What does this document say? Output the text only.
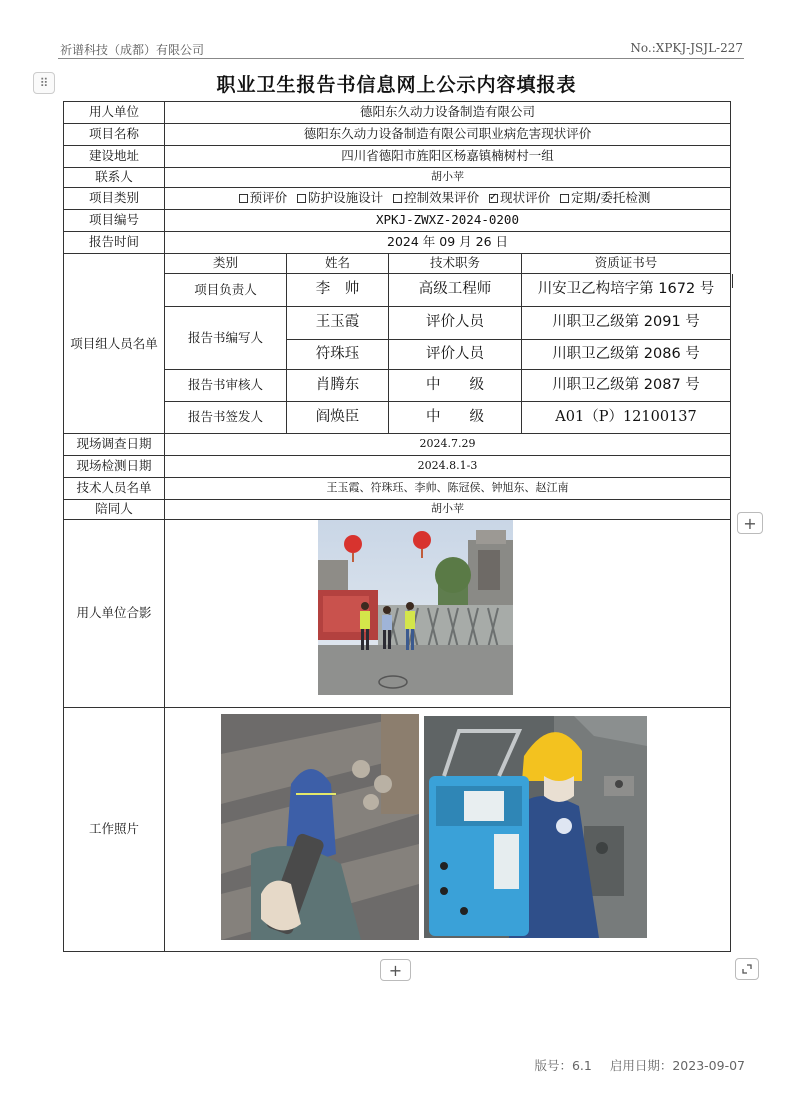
祈谱科技（成都）有限公司	No.:XPKJ-JSJL-227
⠿	职业卫生报告书信息网上公示内容填报表
用人单位	德阳东久动力设备制造有限公司			
项目名称	德阳东久动力设备制造有限公司职业病危害现状评价			
建设地址	四川省德阳市旌阳区杨嘉镇楠树村一组			
联系人	胡小苹			
项目类别	预评价 防护设施设计 控制效果评价 ✓ 现状评价 定期/委托检测
项目编号	XPKJ-ZWXZ-2024-0200			
报告时间	2024 年 09 月 26 日			
项目组人员名单	类别	姓名	技术职务	资质证书号
	项目负责人	李　帅	高级工程师	川安卫乙构培字第 1672 号
	报告书编写人	王玉霞	评价人员	川职卫乙级第 2091 号
		符珠珏	评价人员	川职卫乙级第 2086 号
	报告书审核人	肖腾东	中　　级	川职卫乙级第 2087 号
	报告书签发人	阎焕臣	中　　级	A01（P）12100137
现场调查日期	2024.7.29			
现场检测日期	2024.8.1-3			
技术人员名单	王玉霞、符珠珏、李帅、陈冠侯、钟旭东、赵江南			
陪同人	胡小苹			
用人单位合影				
工作照片				
+
+
版号：6.1 启用日期：2023-09-07
